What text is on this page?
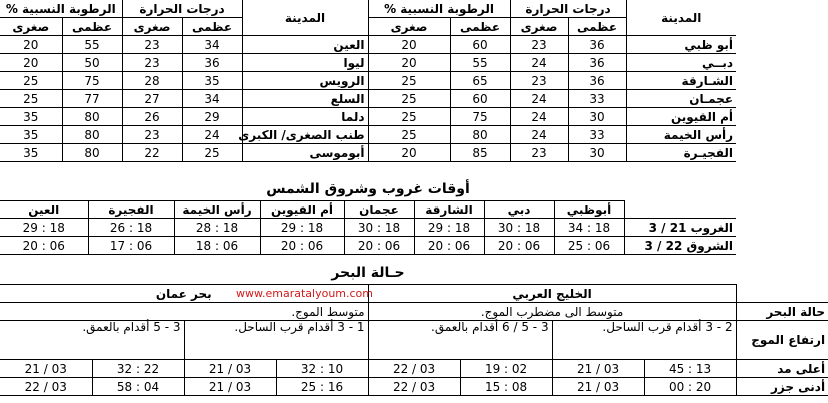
المدينة	درجات الحرارة		الرطوبة النسبية %		المدينة	درجات الحرارة		الرطوبة النسبية %	
	عظمى	صغرى	عظمى	صغرى		عظمى	صغرى	عظمى	صغرى
أبو ظبي	36	23	60	20	العين	34	23	55	20
دبــي	36	24	55	20	ليوا	36	23	50	20
الشـارقة	36	23	65	25	الرويس	35	28	75	25
عجمـان	33	24	60	25	السلع	34	27	77	25
أم القيوين	30	24	75	25	دلما	29	26	80	35
رأس الخيمة	33	24	80	25	طنب الصغرى/ الكبرى	24	23	80	35
الفجيـرة	30	23	85	20	أبوموسى	25	22	80	35
أوقات غروب وشروق الشمس
	أبوظبي	دبي	الشارقة	عجمان	أم القيوين	رأس الخيمة	الفجيرة	العين
الغروب 21 / 3	18 : 34	18 : 30	18 : 29	18 : 30	18 : 29	18 : 28	18 : 26	18 : 29
الشروق 22 / 3	06 : 25	06 : 20	06 : 20	06 : 20	06 : 20	06 : 18	06 : 17	06 : 20
حـالة البحر
	الخليج العربي				بحر عمان			
حالة البحر	متوسط الى مضطرب الموج.				متوسط الموج.			
ارتفاع الموج	2 - 3 أقدام قرب الساحل.		3 - 5 / 6 أقدام بالعمق.		1 - 3 أقدام قرب الساحل.		3 - 5 أقدام بالعمق.	
أعلى مد	13 : 45	03 / 21	02 : 19	03 / 22	10 : 32	03 / 21	22 : 32	03 / 21
أدنى جزر	20 : 00	03 / 21	08 : 15	03 / 22	16 : 25	03 / 21	04 : 58	03 / 22
www.emaratalyoum.com
